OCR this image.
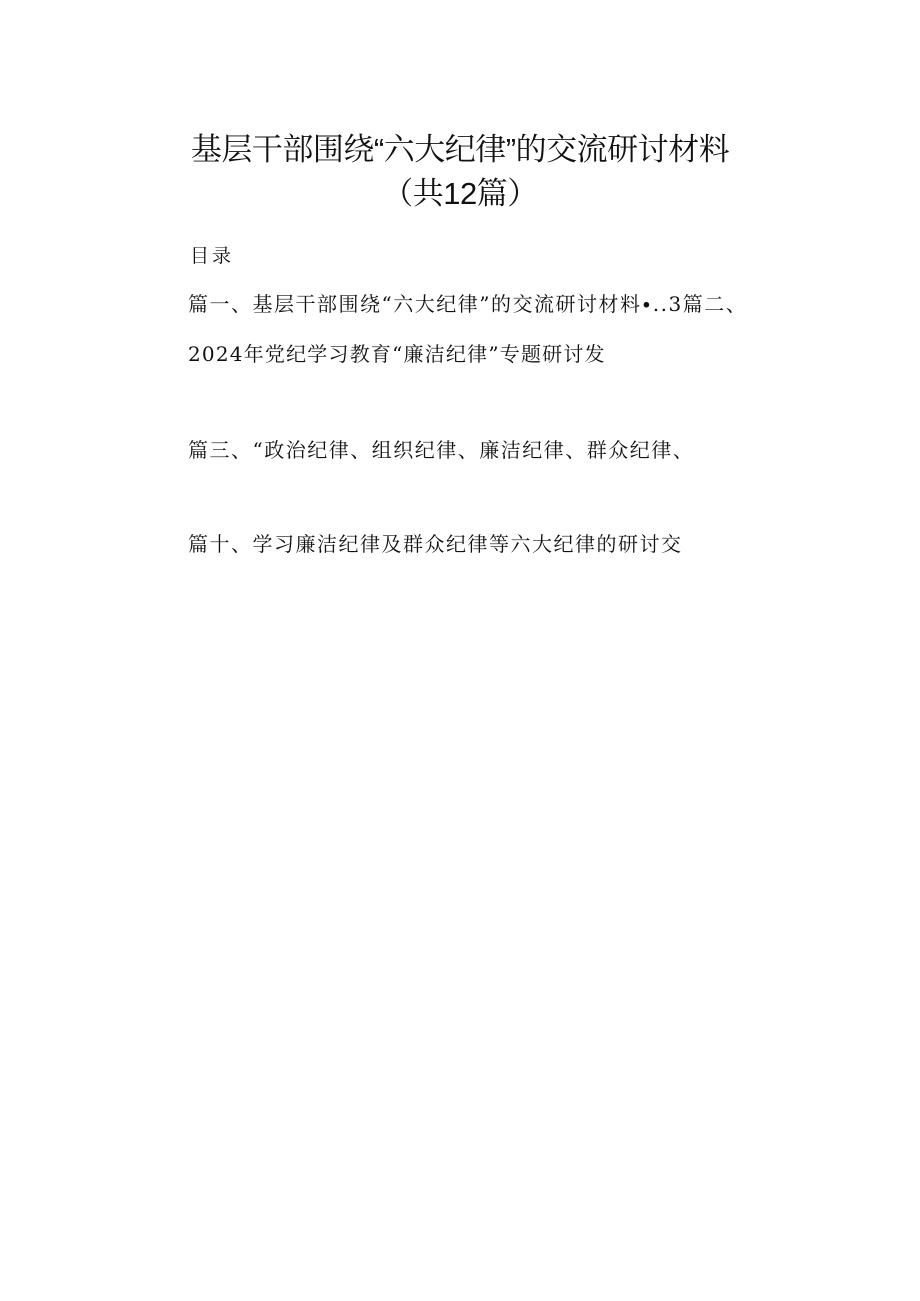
基层干部围绕“六大纪律”的交流研讨材料
（共12篇）
目录
篇一、基层干部围绕“六大纪律”的交流研讨材料∙..3篇二、
2024年党纪学习教育“廉洁纪律”专题研讨发
篇三、“政治纪律、组织纪律、廉洁纪律、群众纪律、
篇十、学习廉洁纪律及群众纪律等六大纪律的研讨交
